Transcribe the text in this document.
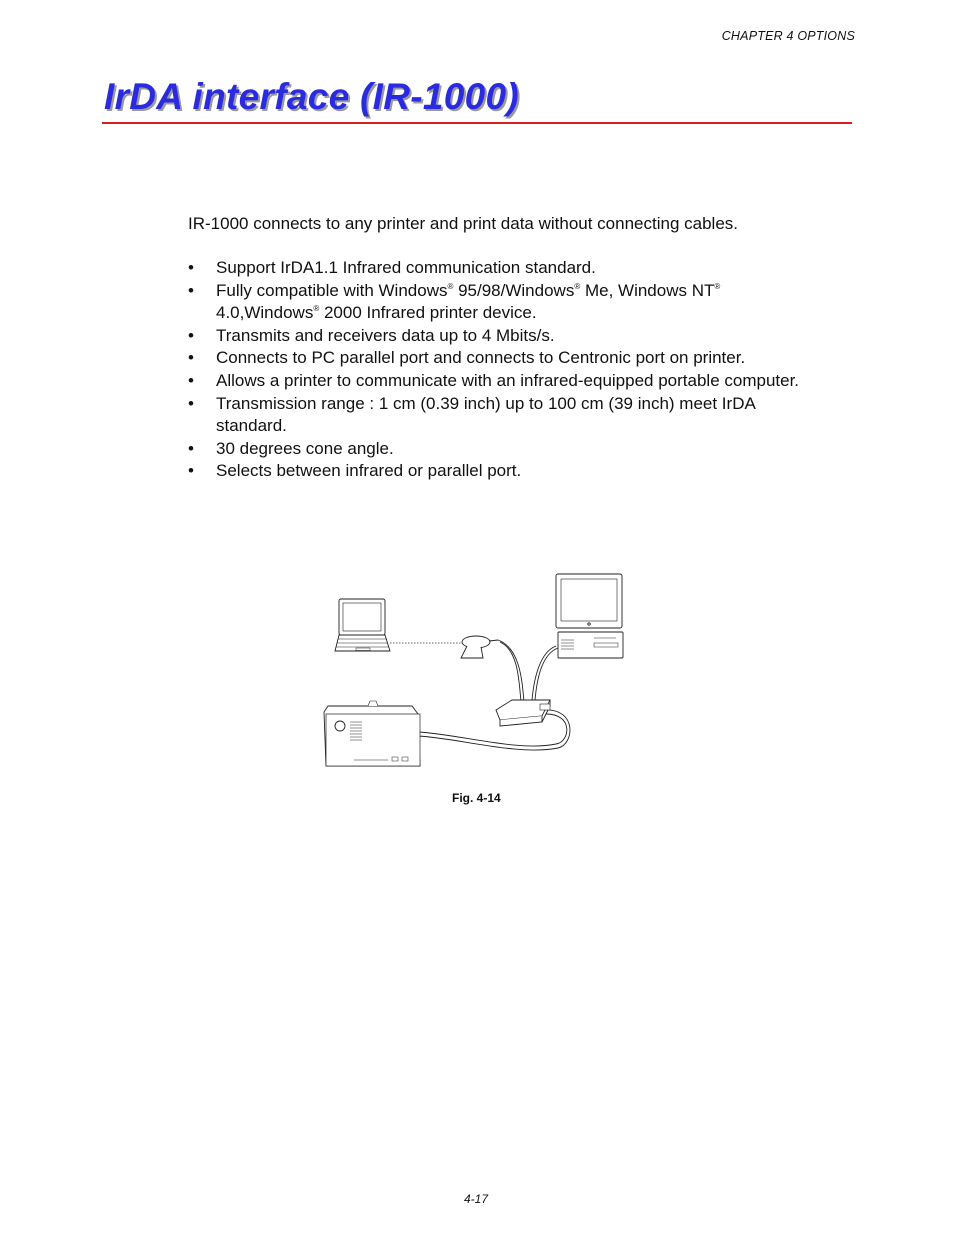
CHAPTER 4 OPTIONS
IrDA interface (IR-1000)

IR-1000 connects to any printer and print data without connecting cables.

• Support IrDA1.1 Infrared communication standard.
• Fully compatible with Windows® 95/98/Windows® Me, Windows NT®
4.0,Windows® 2000 Infrared printer device.
• Transmits and receivers data up to 4 Mbits/s.
• Connects to PC parallel port and connects to Centronic port on printer.
• Allows a printer to communicate with an infrared-equipped portable computer.
• Transmission range : 1 cm (0.39 inch) up to 100 cm (39 inch) meet IrDA standard.
• 30 degrees cone angle.
• Selects between infrared or parallel port.
Fig. 4-14
4-17
